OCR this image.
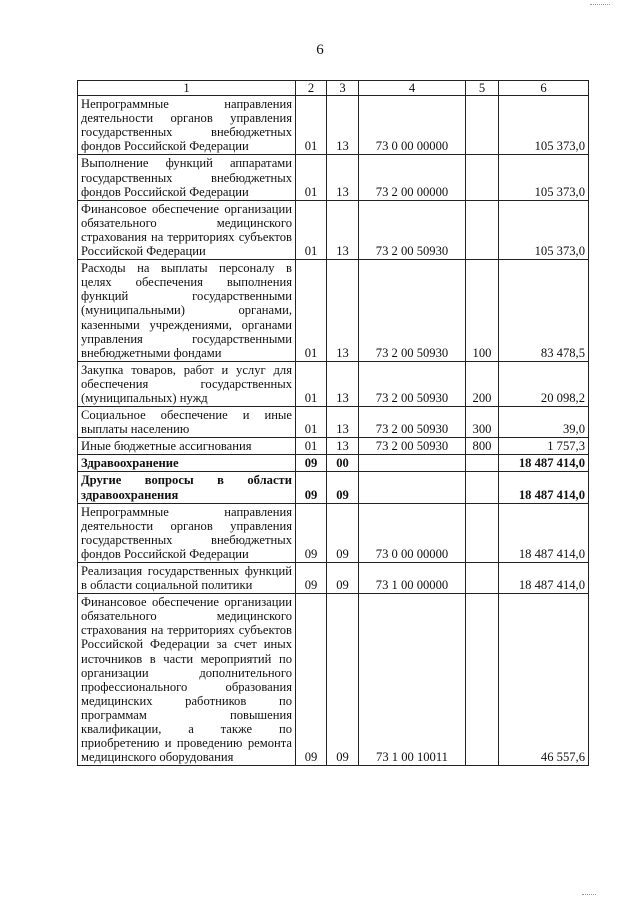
6
1	2	3	4	5	6
Непрограммные направления деятельности органов управления государственных внебюджетных фондов Российской Федерации	01	13	73 0 00 00000		105 373,0
Выполнение функций аппаратами государственных внебюджетных фондов Российской Федерации	01	13	73 2 00 00000		105 373,0
Финансовое обеспечение организации обязательного медицинского страхования на территориях субъектов Российской Федерации	01	13	73 2 00 50930		105 373,0
Расходы на выплаты персоналу в целях обеспечения выполнения функций государственными (муниципальными) органами, казенными учреждениями, органами управления государственными внебюджетными фондами	01	13	73 2 00 50930	100	83 478,5
Закупка товаров, работ и услуг для обеспечения государственных (муниципальных) нужд	01	13	73 2 00 50930	200	20 098,2
Социальное обеспечение и иные выплаты населению	01	13	73 2 00 50930	300	39,0
Иные бюджетные ассигнования	01	13	73 2 00 50930	800	1 757,3
Здравоохранение	09	00			18 487 414,0
Другие вопросы в области здравоохранения	09	09			18 487 414,0
Непрограммные направления деятельности органов управления государственных внебюджетных фондов Российской Федерации	09	09	73 0 00 00000		18 487 414,0
Реализация государственных функций в области социальной политики	09	09	73 1 00 00000		18 487 414,0
Финансовое обеспечение организации обязательного медицинского страхования на территориях субъектов Российской Федерации за счет иных источников в части мероприятий по организации дополнительного профессионального образования медицинских работников по программам повышения квалификации, а также по приобретению и проведению ремонта медицинского оборудования	09	09	73 1 00 10011		46 557,6
